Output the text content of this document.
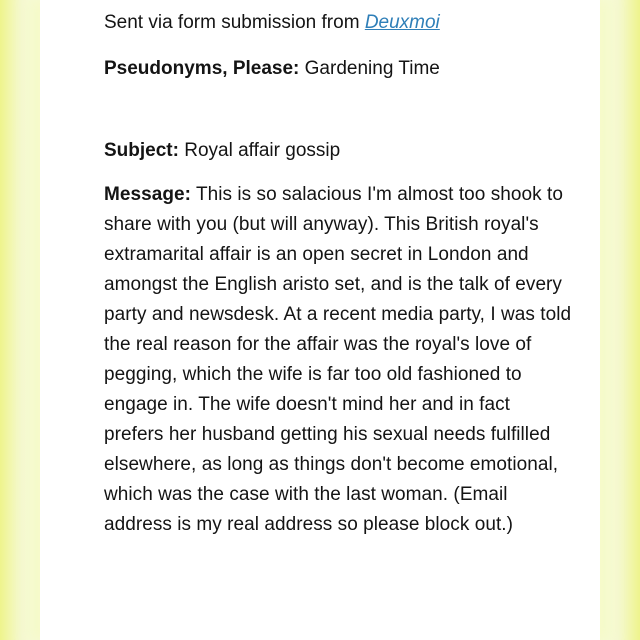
Sent via form submission from Deuxmoi

Pseudonyms, Please: Gardening Time

Subject: Royal affair gossip

Message: This is so salacious I'm almost too shook to share with you (but will anyway). This British royal's extramarital affair is an open secret in London and amongst the English aristo set, and is the talk of every party and newsdesk. At a recent media party, I was told the real reason for the affair was the royal's love of pegging, which the wife is far too old fashioned to engage in. The wife doesn't mind her and in fact prefers her husband getting his sexual needs fulfilled elsewhere, as long as things don't become emotional, which was the case with the last woman. (Email address is my real address so please block out.)
